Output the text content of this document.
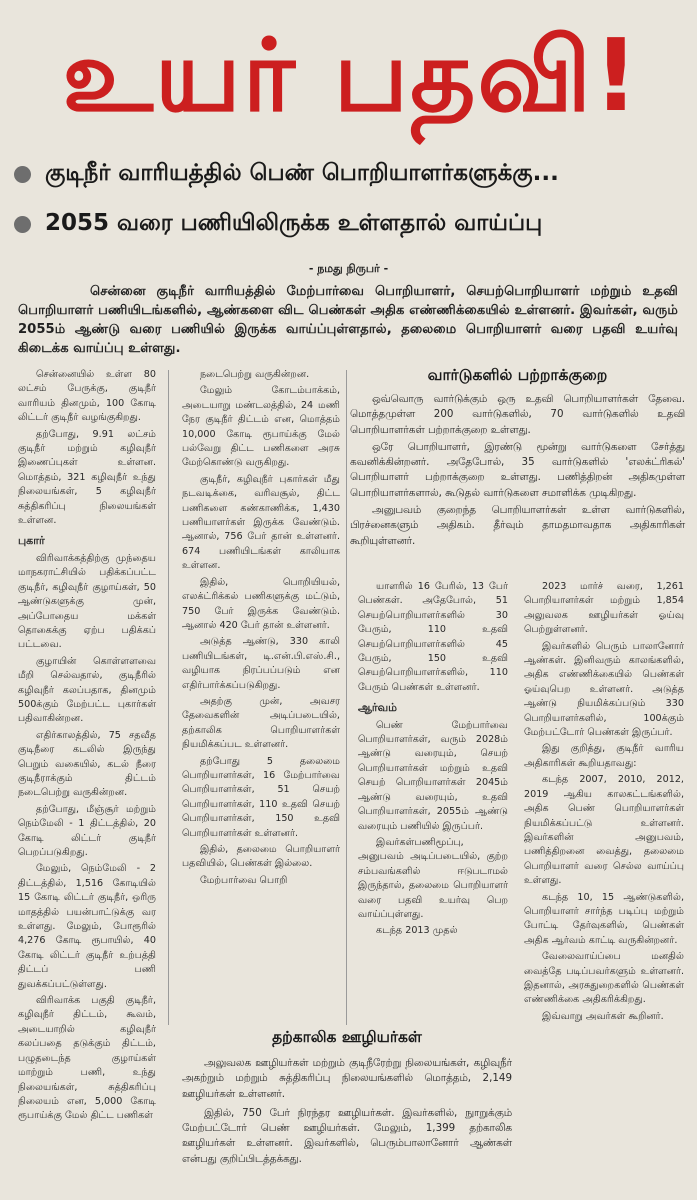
உயர் பதவி!
குடிநீர் வாரியத்தில் பெண் பொறியாளர்களுக்கு...
2055 வரை பணியிலிருக்க உள்ளதால் வாய்ப்பு
- நமது நிருபர் -

சென்னை குடிநீர் வாரியத்தில் மேற்பார்வை பொறியாளர், செயற்பொறியாளர் மற்றும் உதவி பொறியாளர் பணியிடங்களில், ஆண்களை விட பெண்கள் அதிக எண்ணிக்கையில் உள்ளனர். இவர்கள், வரும் 2055ம் ஆண்டு வரை பணியில் இருக்க வாய்ப்புள்ளதால், தலைமை பொறியாளர் வரை பதவி உயர்வு கிடைக்க வாய்ப்பு உள்ளது.

சென்னையில் உள்ள 80 லட்சம் பேருக்கு, குடிநீர் வாரியம் தினமும், 100 கோடி லிட்டர் குடிநீர் வழங்குகிறது.

தற்போது, 9.91 லட்சம் குடிநீர் மற்றும் கழிவுநீர் இணைப்புகள் உள்ளன. மொத்தம், 321 கழிவுநீர் உந்து நிலையங்கள், 5 கழிவுநீர் சுத்திகரிப்பு நிலையங்கள் உள்ளன.

புகார்

விரிவாக்கத்திற்கு முந்தைய மாநகராட்சியில் பதிக்கப்பட்ட குடிநீர், கழிவுநீர் குழாய்கள், 50 ஆண்டுகளுக்கு முன், அப்போதைய மக்கள் தொகைக்கு ஏற்ப பதிக்கப் பட்டவை.

குழாயின் கொள்ளளவை மீறி செல்வதால், குடிநீரில் கழிவுநீர் கலப்பதாக, தினமும் 500க்கும் மேற்பட்ட புகார்கள் பதிவாகின்றன.

எதிர்காலத்தில், 75 சதவீத குடிநீரை கடலில் இருந்து பெறும் வகையில், கடல் நீரை குடிநீராக்கும் திட்டம் நடைபெற்று வருகின்றன.

தற்போது, மீஞ்சூர் மற்றும் நெம்மேலி - 1 திட்டத்தில், 20 கோடி லிட்டர் குடிநீர் பெறப்படுகிறது.

மேலும், நெம்மேலி - 2 திட்டத்தில், 1,516 கோடியில் 15 கோடி லிட்டர் குடிநீர், ஒரிரு மாதத்தில் பயன்பாட்டுக்கு வர உள்ளது. மேலும், போரூரில் 4,276 கோடி ரூபாயில், 40 கோடி லிட்டர் குடிநீர் உற்பத்தி திட்டப் பணி துவக்கப்பட்டுள்ளது.

விரிவாக்க பகுதி குடிநீர், கழிவுநீர் திட்டம், கூவம், அடையாறில் கழிவுநீர் கலப்பதை தடுக்கும் திட்டம், பழுதடைந்த குழாய்கள் மாற்றும் பணி, உந்து நிலையங்கள், சுத்திகரிப்பு நிலையம் என, 5,000 கோடி ரூபாய்க்கு மேல் திட்ட பணிகள்

நடைபெற்று வருகின்றன.

மேலும் கோடம்பாக்கம், அடையாறு மண்டலத்தில், 24 மணி நேர குடிநீர் திட்டம் என, மொத்தம் 10,000 கோடி ரூபாய்க்கு மேல் பல்வேறு திட்ட பணிகளை அரசு மேற்கொண்டு வருகிறது.

குடிநீர், கழிவுநீர் புகார்கள் மீது நடவடிக்கை, வரிவசூல், திட்ட பணிகளை கண்காணிக்க, 1,430 பணியாளர்கள் இருக்க வேண்டும். ஆனால், 756 பேர் தான் உள்ளனர். 674 பணியிடங்கள் காலியாக உள்ளன.

இதில், பொறியியல், எலக்ட்ரிக்கல் பணிகளுக்கு மட்டும், 750 பேர் இருக்க வேண்டும். ஆனால் 420 பேர் தான் உள்ளனர்.

அடுத்த ஆண்டு, 330 காலி பணியிடங்கள், டி.என்.பி.எஸ்.சி., வழியாக நிரப்பப்படும் என எதிர்பார்க்கப்படுகிறது.

அதற்கு முன், அவசர தேவைகளின் அடிப்படையில், தற்காலிக பொறியாளர்கள் நியமிக்கப்பட உள்ளனர்.

தற்போது 5 தலைமை பொறியாளர்கள், 16 மேற்பார்வை பொறியாளர்கள், 51 செயற் பொறியாளர்கள், 110 உதவி செயற் பொறியாளர்கள், 150 உதவி பொறியாளர்கள் உள்ளனர்.

இதில், தலைமை பொறியாளர் பதவியில், பெண்கள் இல்லை.

மேற்பார்வை பொறி

வார்டுகளில் பற்றாக்குறை

ஒவ்வொரு வார்டுக்கும் ஒரு உதவி பொறியாளர்கள் தேவை. மொத்தமுள்ள 200 வார்டுகளில், 70 வார்டுகளில் உதவி பொறியாளர்கள் பற்றாக்குறை உள்ளது.

ஒரே பொறியாளர், இரண்டு மூன்று வார்டுகளை சேர்த்து கவனிக்கின்றனர். அதேபோல், 35 வார்டுகளில் 'எலக்ட்ரிகல்' பொறியாளர் பற்றாக்குறை உள்ளது. பணித்திறன் அதிகமுள்ள பொறியாளர்களால், கூடுதல் வார்டுகளை சமாளிக்க முடிகிறது.

அனுபவம் குறைந்த பொறியாளர்கள் உள்ள வார்டுகளில், பிரச்னைகளும் அதிகம். தீர்வும் தாமதமாவதாக அதிகாரிகள் கூறியுள்ளனர்.

யாளரில் 16 பேரில், 13 பேர் பெண்கள். அதேபோல், 51 செயற்பொறியாளர்களில் 30 பேரும், 110 உதவி செயற்பொறியாளர்களில் 45 பேரும், 150 உதவி செயற்பொறியாளர்களில், 110 பேரும் பெண்கள் உள்ளனர்.

ஆர்வம்

பெண் மேற்பார்வை பொறியாளர்கள், வரும் 2028ம் ஆண்டு வரையும், செயற் பொறியாளர்கள் மற்றும் உதவி செயற் பொறியாளர்கள் 2045ம் ஆண்டு வரையும், உதவி பொறியாளர்கள், 2055ம் ஆண்டு வரையும் பணியில் இருப்பர்.

இவர்கள்பணிமூப்பு, அனுபவம் அடிப்படையில், குற்ற சம்பவங்களில் ஈடுபடாமல் இருந்தால், தலைமை பொறியாளர் வரை பதவி உயர்வு பெற வாய்ப்புள்ளது.

கடந்த 2013 முதல்

2023 மார்ச் வரை, 1,261 பொறியாளர்கள் மற்றும் 1,854 அலுவலக ஊழியர்கள் ஓய்வு பெற்றுள்ளனர்.

இவர்களில் பெரும் பாலானோர் ஆண்கள். இனிவரும் காலங்களில், அதிக எண்ணிக்கையில் பெண்கள் ஓய்வுபெற உள்ளனர். அடுத்த ஆண்டு நியமிக்கப்படும் 330 பொறியாளர்களில், 100க்கும் மேற்பட்டோர் பெண்கள் இருப்பர்.

இது குறித்து, குடிநீர் வாரிய அதிகாரிகள் கூறியதாவது:

கடந்த 2007, 2010, 2012, 2019 ஆகிய காலகட்டங்களில், அதிக பெண் பொறியாளர்கள் நியமிக்கப்பட்டு உள்ளனர். இவர்களின் அனுபவம், பணித்திறனை வைத்து, தலைமை பொறியாளர் வரை செல்ல வாய்ப்பு உள்ளது.

கடந்த 10, 15 ஆண்டுகளில், பொறியாளர் சார்ந்த படிப்பு மற்றும் போட்டி தேர்வுகளில், பெண்கள் அதிக ஆர்வம் காட்டி வருகின்றனர்.

வேலைவாய்ப்பை மனதில் வைத்தே படிப்பவர்களும் உள்ளனர். இதனால், அரசுதுறைகளில் பெண்கள் எண்ணிக்கை அதிகரிக்கிறது.

இவ்வாறு அவர்கள் கூறினர்.

தற்காலிக ஊழியர்கள்

அலுவலக ஊழியர்கள் மற்றும் குடிநீரேற்று நிலையங்கள், கழிவுநீர் அகற்றும் மற்றும் சுத்திகரிப்பு நிலையங்களில் மொத்தம், 2,149 ஊழியர்கள் உள்ளனர்.

இதில், 750 பேர் நிரந்தர ஊழியர்கள். இவர்களில், நுாறுக்கும் மேற்பட்டோர் பெண் ஊழியர்கள். மேலும், 1,399 தற்காலிக ஊழியர்கள் உள்ளனர். இவர்களில், பெரும்பாலானோர் ஆண்கள் என்பது குறிப்பிடத்தக்கது.
